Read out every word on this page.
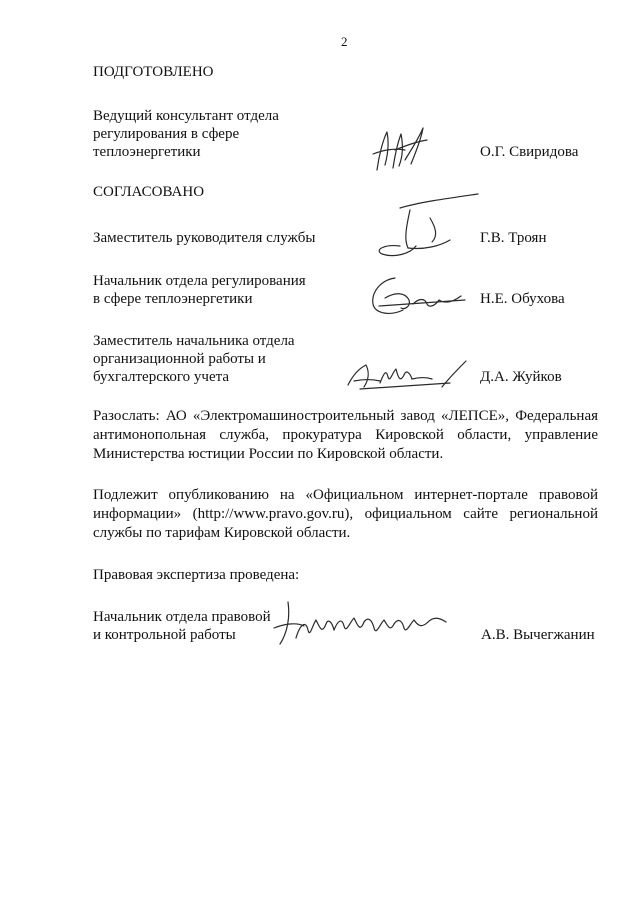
2
ПОДГОТОВЛЕНО
Ведущий консультант отдела
регулирования в сфере
теплоэнергетики	О.Г. Свиридова
СОГЛАСОВАНО
Заместитель руководителя службы	Г.В. Троян
Начальник отдела регулирования
в сфере теплоэнергетики	Н.Е. Обухова
Заместитель начальника отдела
организационной работы и
бухгалтерского учета	Д.А. Жуйков
Разослать: АО «Электромашиностроительный завод «ЛЕПСЕ», Федеральная антимонопольная служба, прокуратура Кировской области, управление Министерства юстиции России по Кировской области.
Подлежит опубликованию на «Официальном интернет-портале правовой информации» (http://www.pravo.gov.ru), официальном сайте региональной службы по тарифам Кировской области.
Правовая экспертиза проведена:
Начальник отдела правовой
и контрольной работы	А.В. Вычегжанин
